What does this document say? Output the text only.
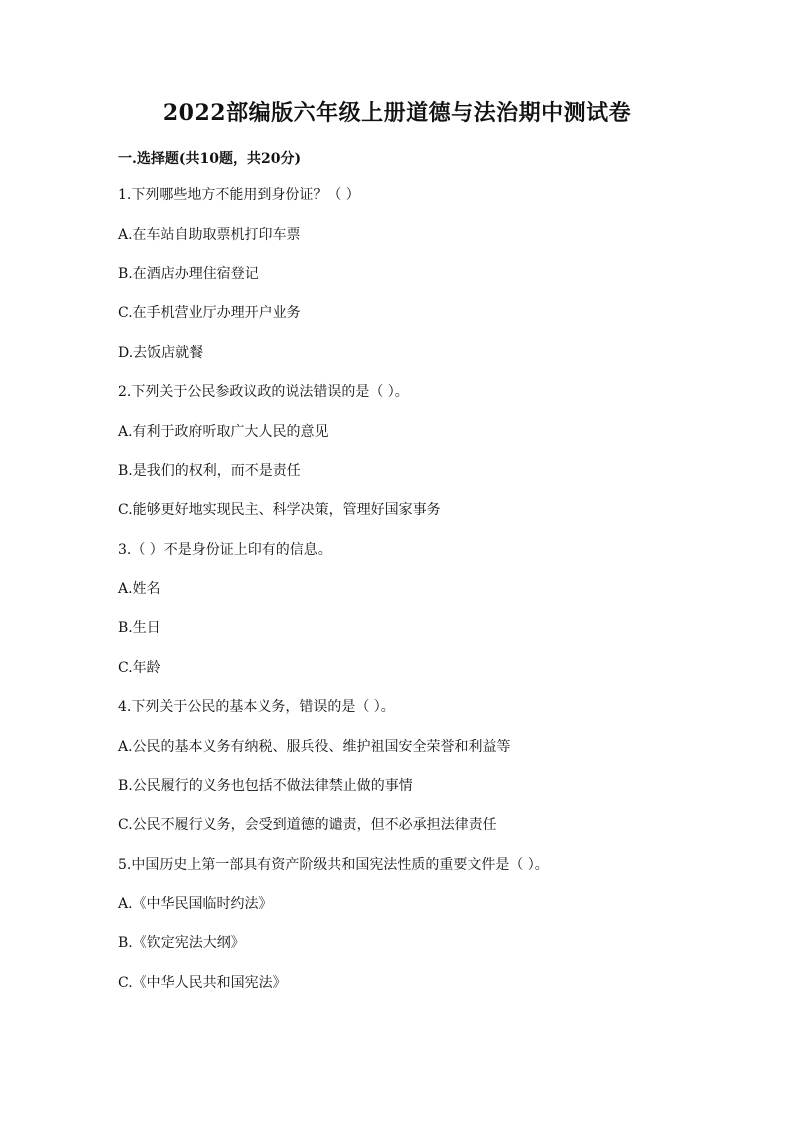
2022部编版六年级上册道德与法治期中测试卷
一.选择题(共10题，共20分)
1.下列哪些地方不能用到身份证？（ ）
A.在车站自助取票机打印车票
B.在酒店办理住宿登记
C.在手机营业厅办理开户业务
D.去饭店就餐
2.下列关于公民参政议政的说法错误的是（ ）。
A.有利于政府听取广大人民的意见
B.是我们的权利，而不是责任
C.能够更好地实现民主、科学决策，管理好国家事务
3.（ ）不是身份证上印有的信息。
A.姓名
B.生日
C.年龄
4.下列关于公民的基本义务，错误的是（ ）。
A.公民的基本义务有纳税、服兵役、维护祖国安全荣誉和利益等
B.公民履行的义务也包括不做法律禁止做的事情
C.公民不履行义务，会受到道德的谴责，但不必承担法律责任
5.中国历史上第一部具有资产阶级共和国宪法性质的重要文件是（ ）。
A.《中华民国临时约法》
B.《钦定宪法大纲》
C.《中华人民共和国宪法》
